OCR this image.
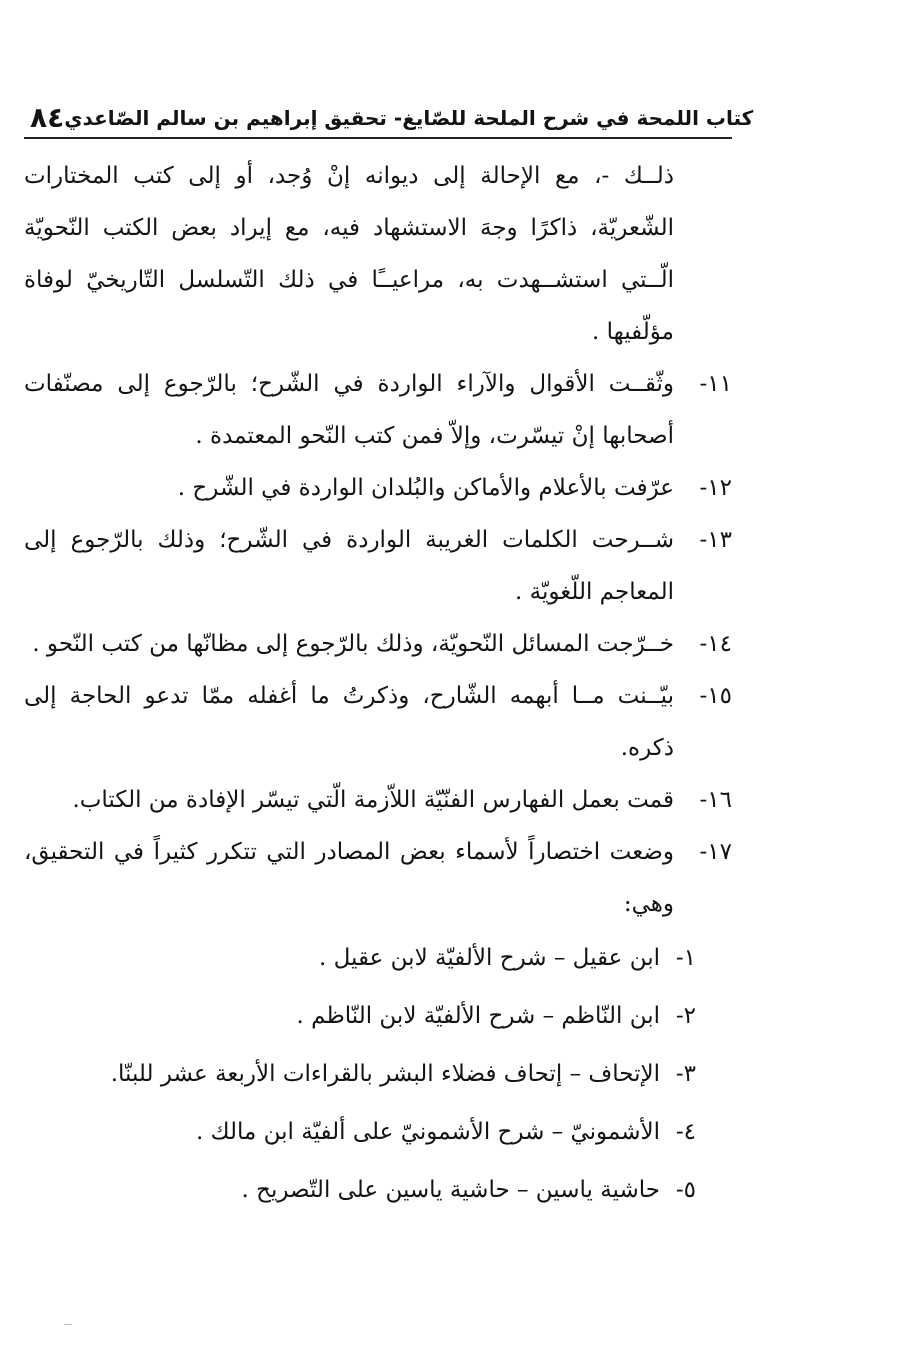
٨٤ كتاب اللمحة في شرح الملحة للصّايغ- تحقيق إبراهيم بن سالم الصّاعدي

ذلــك -، مع الإحالة إلى ديوانه إنْ وُجد، أو إلى كتب المختارات الشّعريّة، ذاكرًا وجهَ الاستشهاد فيه، مع إيراد بعض الكتب النّحويّة الّــتي استشــهدت به، مراعيــًا في ذلك التّسلسل التّاريخيّ لوفاة مؤلّفيها .

١١-
وثّقــت الأقوال والآراء الواردة في الشّرح؛ بالرّجوع إلى مصنّفات أصحابها إنْ تيسّرت، وإلاّ فمن كتب النّحو المعتمدة .
١٢-
عرّفت بالأعلام والأماكن والبُلدان الواردة في الشّرح .
١٣-
شــرحت الكلمات الغريبة الواردة في الشّرح؛ وذلك بالرّجوع إلى المعاجم اللّغويّة .
١٤-
خــرّجت المسائل النّحويّة، وذلك بالرّجوع إلى مظانّها من كتب النّحو .
١٥-
بيّــنت مــا أبهمه الشّارح، وذكرتُ ما أغفله ممّا تدعو الحاجة إلى ذكره.
١٦-
قمت بعمل الفهارس الفنّيّة اللاّزمة الّتي تيسّر الإفادة من الكتاب.
١٧-
وضعت اختصاراً لأسماء بعض المصادر التي تتكرر كثيراً في التحقيق، وهي:
١-
ابن عقيل – شرح الألفيّة لابن عقيل .
٢-
ابن النّاظم – شرح الألفيّة لابن النّاظم .
٣-
الإتحاف – إتحاف فضلاء البشر بالقراءات الأربعة عشر للبنّا.
٤-
الأشمونيّ – شرح الأشمونيّ على ألفيّة ابن مالك .
٥-
حاشية ياسين – حاشية ياسين على التّصريح .
